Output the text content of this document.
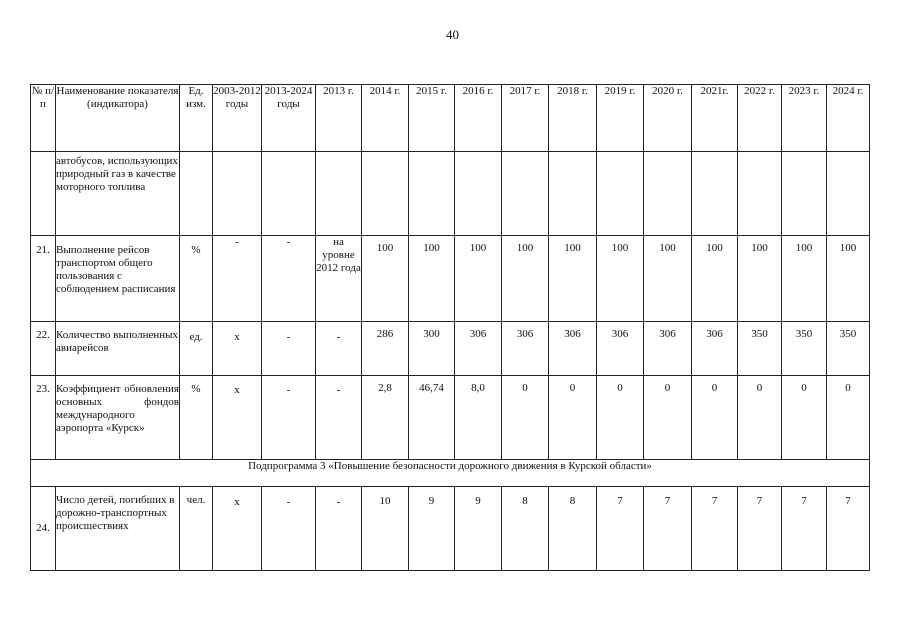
40
№ п/п	Наименование показателя (индикатора)	Ед. изм.	2003-2012 годы	2013-2024 годы	2013 г.	2014 г.	2015 г.	2016 г.	2017 г.	2018 г.	2019 г.	2020 г.	2021г.	2022 г.	2023 г.	2024 г.
	автобусов, использующих природный газ в качестве моторного топлива															
21.	Выполнение рейсов транспортом общего пользования с соблюдением расписания	%	-	-	на уровне 2012 года	100	100	100	100	100	100	100	100	100	100	100
22.	Количество выполненных авиарейсов	ед.	х	-	-	286	300	306	306	306	306	306	306	350	350	350
23.	Коэффициент обновления основных фондов международного аэропорта «Курск»	%	х	-	-	2,8	46,74	8,0	0	0	0	0	0	0	0	0
Подпрограмма 3 «Повышение безопасности дорожного движения в Курской области»																
24.	Число детей, погибших в дорожно-транспортных происшествиях	чел.	х	-	-	10	9	9	8	8	7	7	7	7	7	7
